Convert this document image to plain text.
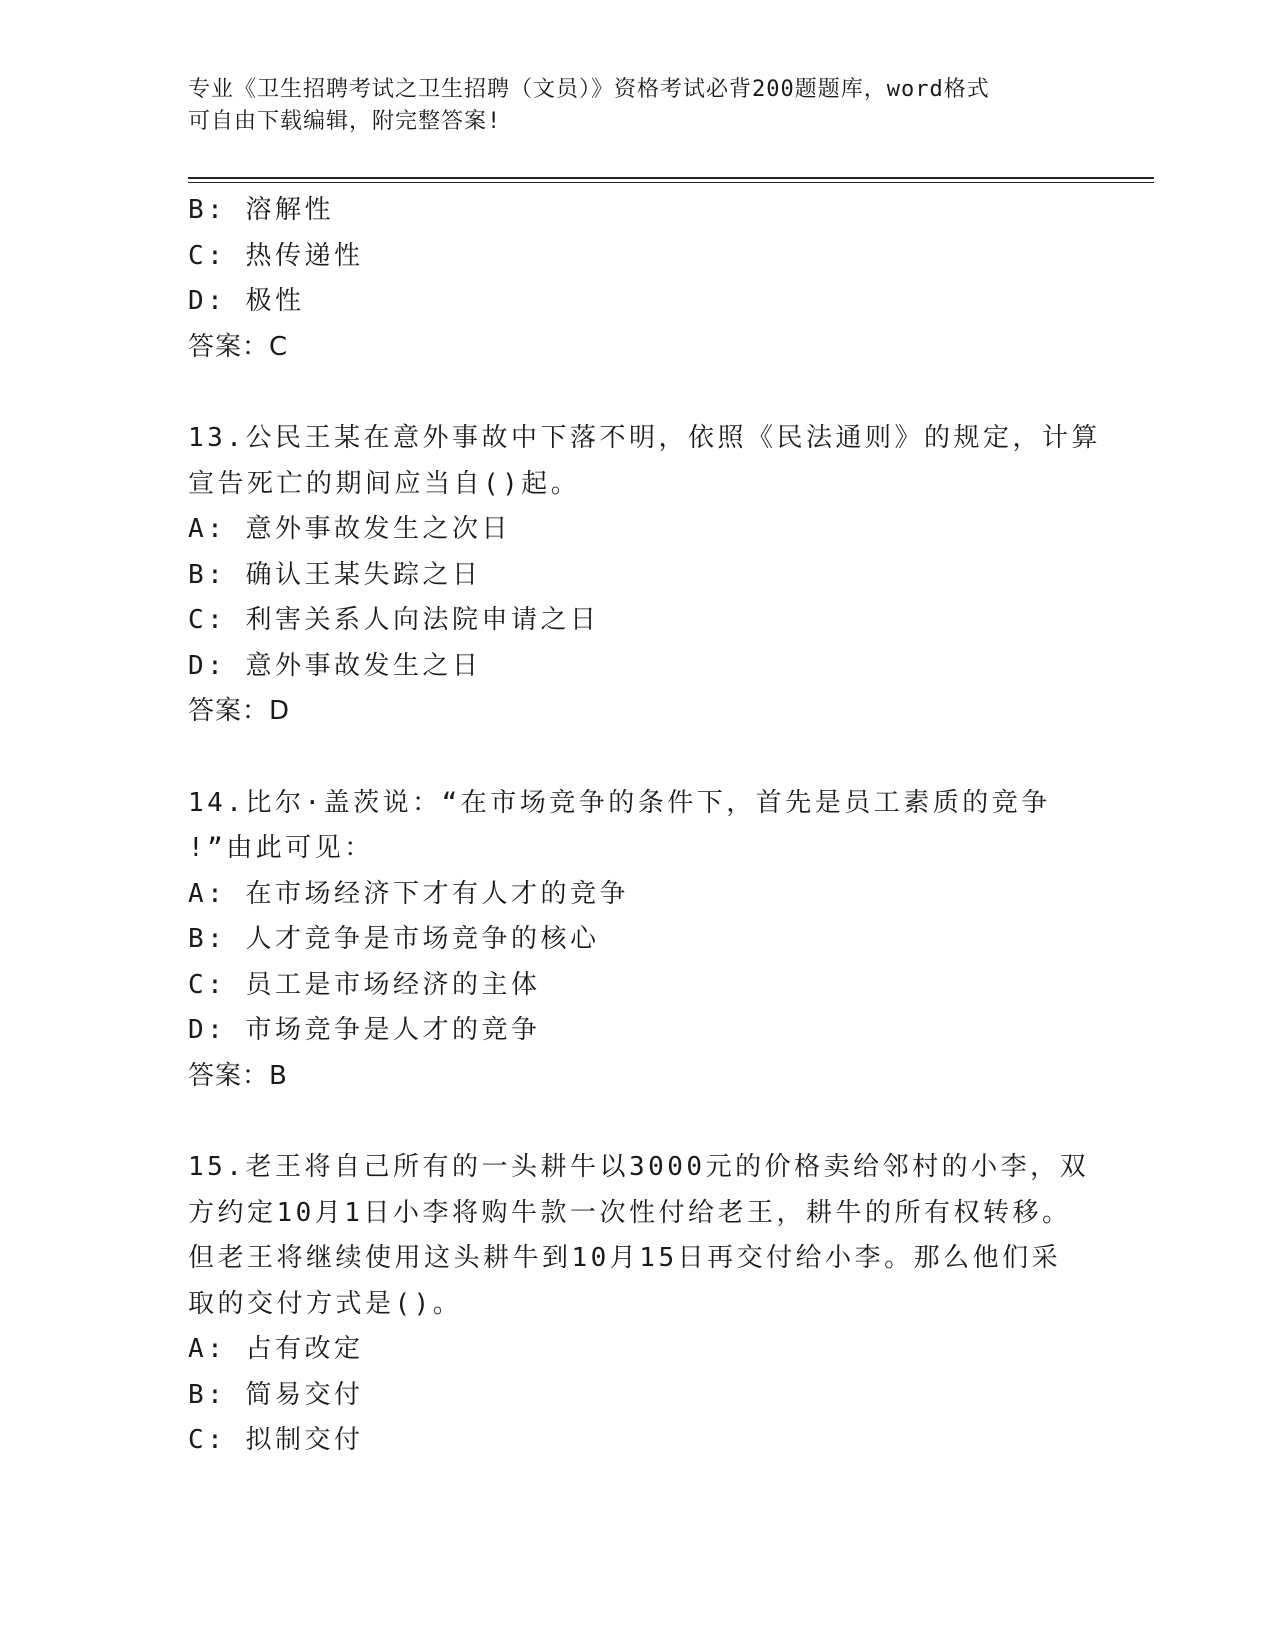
专业《卫生招聘考试之卫生招聘（文员）》资格考试必背200题题库，word格式
可自由下载编辑，附完整答案!
B: 溶解性
C: 热传递性
D: 极性
答案：C
13.公民王某在意外事故中下落不明，依照《民法通则》的规定，计算
宣告死亡的期间应当自()起。
A: 意外事故发生之次日
B: 确认王某失踪之日
C: 利害关系人向法院申请之日
D: 意外事故发生之日
答案：D
14.比尔·盖茨说：“在市场竞争的条件下，首先是员工素质的竞争
!”由此可见：
A: 在市场经济下才有人才的竞争
B: 人才竞争是市场竞争的核心
C: 员工是市场经济的主体
D: 市场竞争是人才的竞争
答案：B
15.老王将自己所有的一头耕牛以3000元的价格卖给邻村的小李，双
方约定10月1日小李将购牛款一次性付给老王，耕牛的所有权转移。
但老王将继续使用这头耕牛到10月15日再交付给小李。那么他们采
取的交付方式是()。
A: 占有改定
B: 简易交付
C: 拟制交付
